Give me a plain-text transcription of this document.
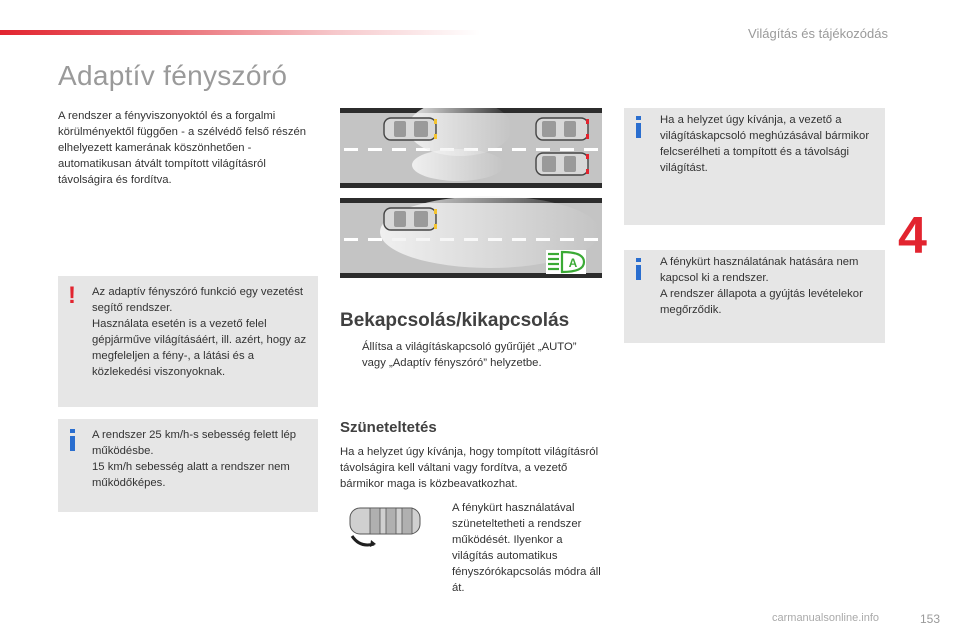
Világítás és tájékozódás
4
Adaptív fényszóró

A rendszer a fényviszonyoktól és a forgalmi körülményektől függően - a szélvédő felső részén elhelyezett kamerának köszönhetően - automatikusan átvált tompított világításról távolságira és fordítva.

! Az adaptív fényszóró funkció egy vezetést segítő rendszer.
Használata esetén is a vezető felel gépjárműve világításáért, ill. azért, hogy az megfeleljen a fény-, a látási és a közlekedési viszonyoknak.
A rendszer 25 km/h-s sebesség felett lép működésbe.
15 km/h sebesség alatt a rendszer nem működőképes.
A
Bekapcsolás/kikapcsolás

Állítsa a világításkapcsoló gyűrűjét „AUTO” vagy „Adaptív fényszóró” helyzetbe.

Szüneteltetés

Ha a helyzet úgy kívánja, hogy tompított világításról távolságira kell váltani vagy fordítva, a vezető bármikor maga is közbeavatkozhat.

A fénykürt használatával szüneteltetheti a rendszer működését. Ilyenkor a világítás automatikus fényszórókapcsolás módra áll át.

Ha a helyzet úgy kívánja, a vezető a világításkapcsoló meghúzásával bármikor felcserélheti a tompított és a távolsági világítást.
A fénykürt használatának hatására nem kapcsol ki a rendszer.
A rendszer állapota a gyújtás levételekor megőrződik.
carmanualsonline.info	153
